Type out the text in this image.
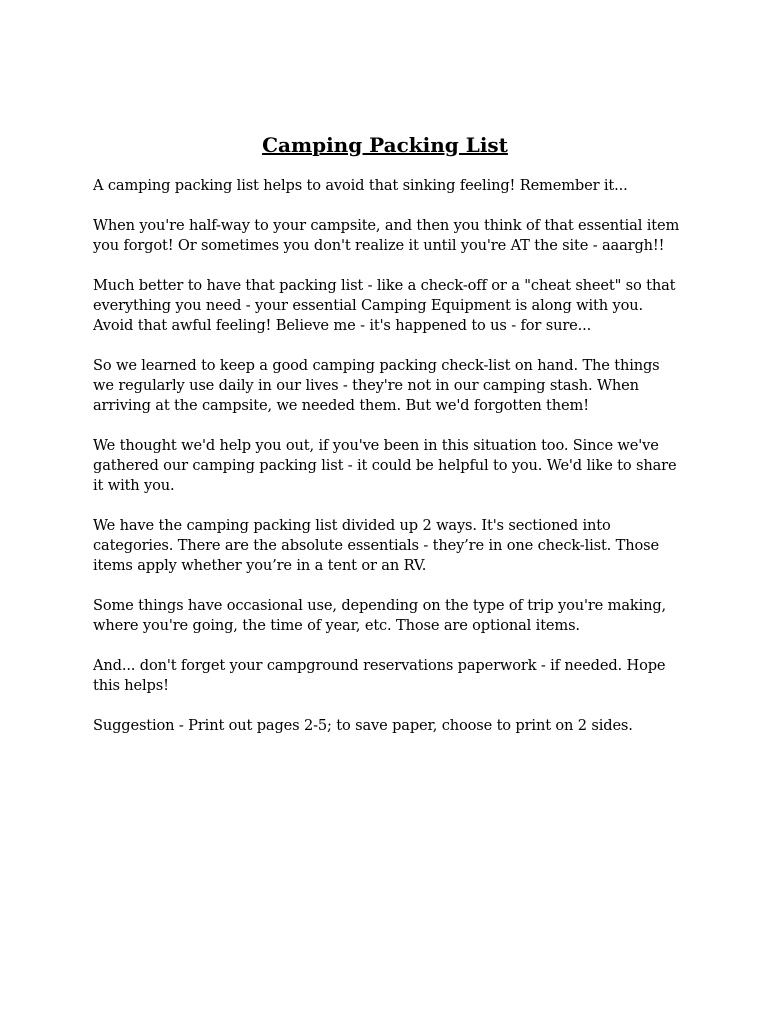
Camping Packing List

A camping packing list helps to avoid that sinking feeling! Remember it...

When you're half-way to your campsite, and then you think of that essential item you forgot! Or sometimes you don't realize it until you're AT the site - aaargh!!

Much better to have that packing list - like a check-off or a "cheat sheet" so that everything you need - your essential Camping Equipment is along with you. Avoid that awful feeling! Believe me - it's happened to us - for sure...

So we learned to keep a good camping packing check-list on hand. The things we regularly use daily in our lives - they're not in our camping stash. When arriving at the campsite, we needed them. But we'd forgotten them!

We thought we'd help you out, if you've been in this situation too. Since we've gathered our camping packing list - it could be helpful to you. We'd like to share it with you.

We have the camping packing list divided up 2 ways. It's sectioned into categories. There are the absolute essentials - they’re in one check-list. Those items apply whether you’re in a tent or an RV.

Some things have occasional use, depending on the type of trip you're making, where you're going, the time of year, etc. Those are optional items.

And... don't forget your campground reservations paperwork - if needed. Hope this helps!

Suggestion - Print out pages 2-5; to save paper, choose to print on 2 sides.
